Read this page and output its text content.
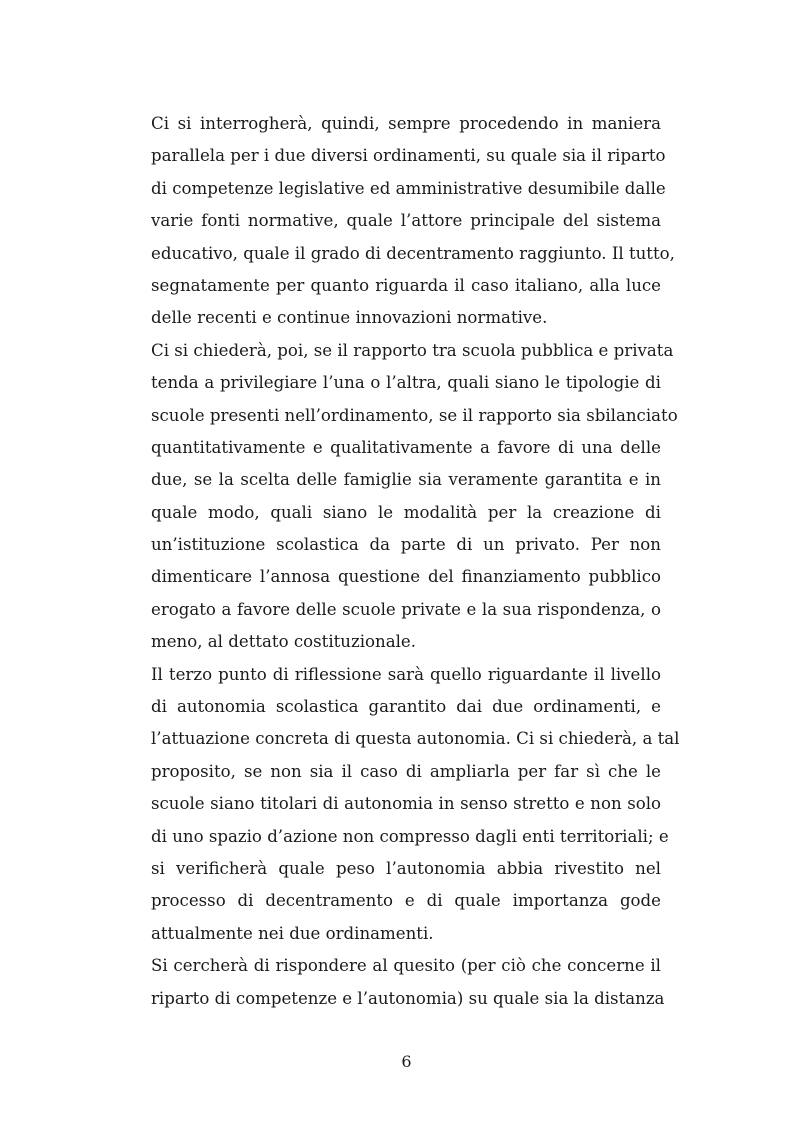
Ci si interrogherà, quindi, sempre procedendo in maniera
parallela per i due diversi ordinamenti, su quale sia il riparto
di competenze legislative ed amministrative desumibile dalle
varie fonti normative, quale l’attore principale del sistema
educativo, quale il grado di decentramento raggiunto. Il tutto,
segnatamente per quanto riguarda il caso italiano, alla luce
delle recenti e continue innovazioni normative.
Ci si chiederà, poi, se il rapporto tra scuola pubblica e privata
tenda a privilegiare l’una o l’altra, quali siano le tipologie di
scuole presenti nell’ordinamento, se il rapporto sia sbilanciato
quantitativamente e qualitativamente a favore di una delle
due, se la scelta delle famiglie sia veramente garantita e in
quale modo, quali siano le modalità per la creazione di
un’istituzione scolastica da parte di un privato. Per non
dimenticare l’annosa questione del finanziamento pubblico
erogato a favore delle scuole private e la sua rispondenza, o
meno, al dettato costituzionale.
Il terzo punto di riflessione sarà quello riguardante il livello
di autonomia scolastica garantito dai due ordinamenti, e
l’attuazione concreta di questa autonomia. Ci si chiederà, a tal
proposito, se non sia il caso di ampliarla per far sì che le
scuole siano titolari di autonomia in senso stretto e non solo
di uno spazio d’azione non compresso dagli enti territoriali; e
si verificherà quale peso l’autonomia abbia rivestito nel
processo di decentramento e di quale importanza gode
attualmente nei due ordinamenti.
Si cercherà di rispondere al quesito (per ciò che concerne il
riparto di competenze e l’autonomia) su quale sia la distanza
6
